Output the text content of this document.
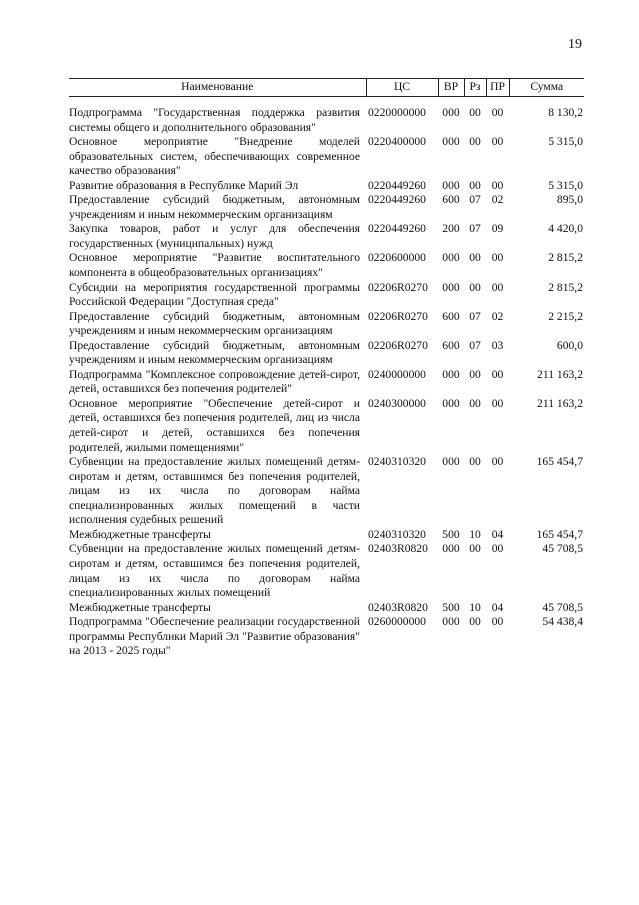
19
Наименование	ЦС	ВР	Рз	ПР	Сумма
Подпрограмма "Государственная поддержка развития системы общего и дополнительного образования"	0220000000	000	00	00	8 130,2
Основное мероприятие "Внедрение моделей образовательных систем, обеспечивающих современное качество образования"	0220400000	000	00	00	5 315,0
Развитие образования в Республике Марий Эл	0220449260	000	00	00	5 315,0
Предоставление субсидий бюджетным, автономным учреждениям и иным некоммерческим организациям	0220449260	600	07	02	895,0
Закупка товаров, работ и услуг для обеспечения государственных (муниципальных) нужд	0220449260	200	07	09	4 420,0
Основное мероприятие "Развитие воспитательного компонента в общеобразовательных организациях"	0220600000	000	00	00	2 815,2
Субсидии на мероприятия государственной программы Российской Федерации "Доступная среда"	02206R0270	000	00	00	2 815,2
Предоставление субсидий бюджетным, автономным учреждениям и иным некоммерческим организациям	02206R0270	600	07	02	2 215,2
Предоставление субсидий бюджетным, автономным учреждениям и иным некоммерческим организациям	02206R0270	600	07	03	600,0
Подпрограмма "Комплексное сопровождение детей-сирот, детей, оставшихся без попечения родителей"	0240000000	000	00	00	211 163,2
Основное мероприятие "Обеспечение детей-сирот и детей, оставшихся без попечения родителей, лиц из числа детей-сирот и детей, оставшихся без попечения родителей, жилыми помещениями"	0240300000	000	00	00	211 163,2
Субвенции на предоставление жилых помещений детям-сиротам и детям, оставшимся без попечения родителей, лицам из их числа по договорам найма специализированных жилых помещений в части исполнения судебных решений	0240310320	000	00	00	165 454,7
Межбюджетные трансферты	0240310320	500	10	04	165 454,7
Субвенции на предоставление жилых помещений детям-сиротам и детям, оставшимся без попечения родителей, лицам из их числа по договорам найма специализированных жилых помещений	02403R0820	000	00	00	45 708,5
Межбюджетные трансферты	02403R0820	500	10	04	45 708,5
Подпрограмма "Обеспечение реализации государственной программы Республики Марий Эл "Развитие образования" на 2013 - 2025 годы"	0260000000	000	00	00	54 438,4
